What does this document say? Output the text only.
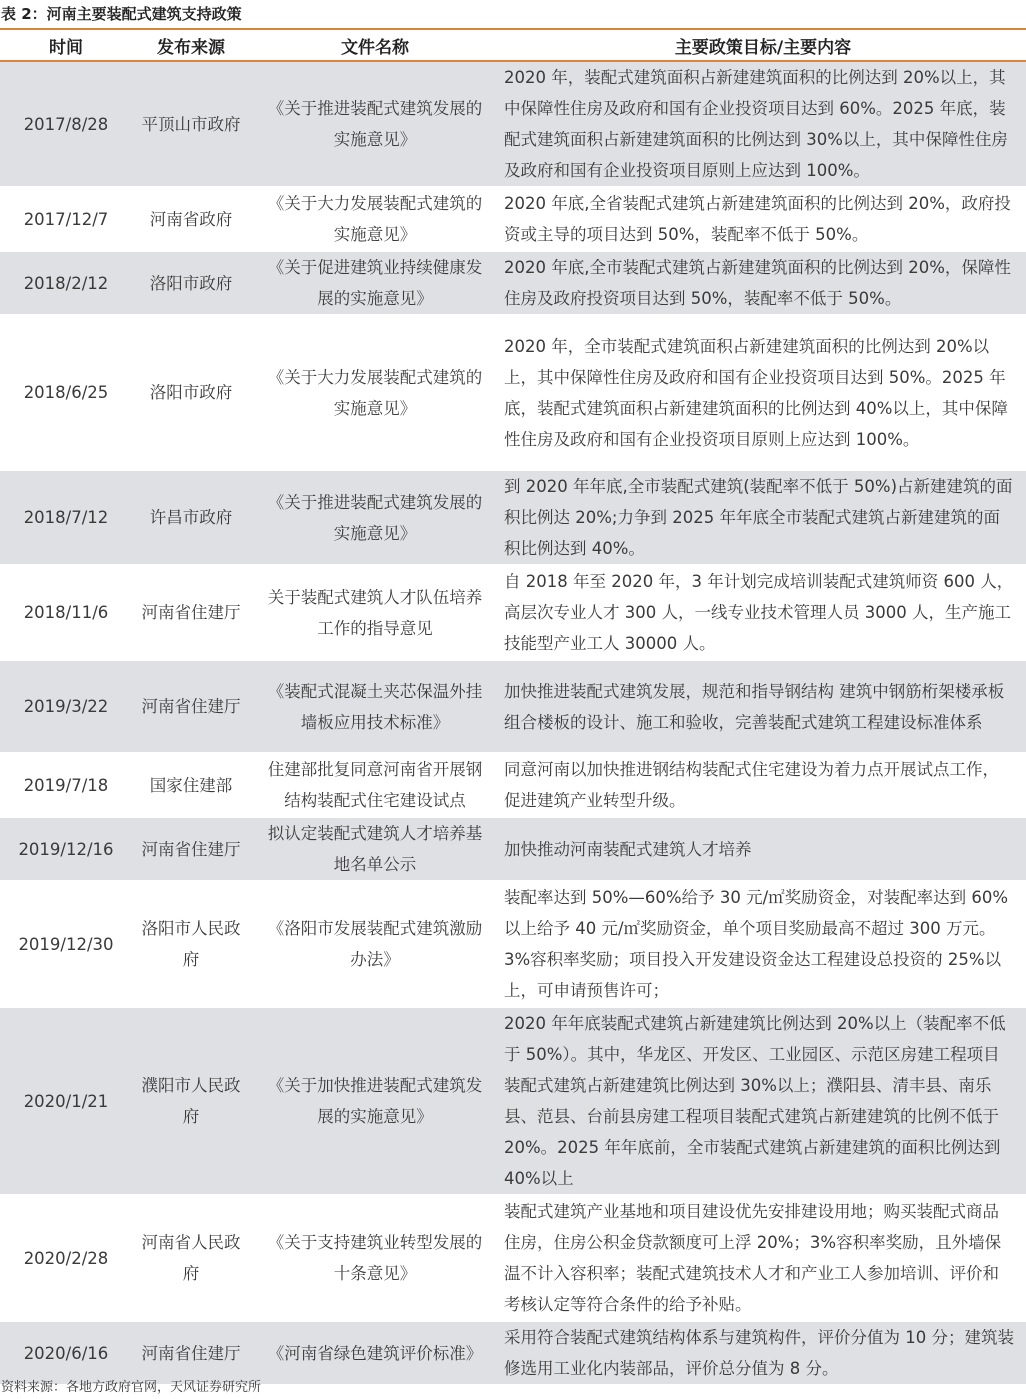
表 2：河南主要装配式建筑支持政策
时间	发布来源	文件名称	主要政策目标/主要内容
2017/8/28	平顶山市政府	《关于推进装配式建筑发展的实施意见》	2020 年，装配式建筑面积占新建建筑面积的比例达到 20%以上，其中保障性住房及政府和国有企业投资项目达到 60%。2025 年底，装配式建筑面积占新建建筑面积的比例达到 30%以上，其中保障性住房及政府和国有企业投资项目原则上应达到 100%。
2017/12/7	河南省政府	《关于大力发展装配式建筑的实施意见》	2020 年底,全省装配式建筑占新建建筑面积的比例达到 20%，政府投资或主导的项目达到 50%，装配率不低于 50%。
2018/2/12	洛阳市政府	《关于促进建筑业持续健康发展的实施意见》	2020 年底,全市装配式建筑占新建建筑面积的比例达到 20%，保障性住房及政府投资项目达到 50%，装配率不低于 50%。
2018/6/25	洛阳市政府	《关于大力发展装配式建筑的实施意见》	2020 年，全市装配式建筑面积占新建建筑面积的比例达到 20%以上，其中保障性住房及政府和国有企业投资项目达到 50%。2025 年底，装配式建筑面积占新建建筑面积的比例达到 40%以上，其中保障性住房及政府和国有企业投资项目原则上应达到 100%。
2018/7/12	许昌市政府	《关于推进装配式建筑发展的实施意见》	到 2020 年年底,全市装配式建筑(装配率不低于 50%)占新建建筑的面积比例达 20%;力争到 2025 年年底全市装配式建筑占新建建筑的面积比例达到 40%。
2018/11/6	河南省住建厅	关于装配式建筑人才队伍培养工作的指导意见	自 2018 年至 2020 年，3 年计划完成培训装配式建筑师资 600 人，高层次专业人才 300 人，一线专业技术管理人员 3000 人，生产施工技能型产业工人 30000 人。
2019/3/22	河南省住建厅	《装配式混凝土夹芯保温外挂墙板应用技术标准》	加快推进装配式建筑发展，规范和指导钢结构 建筑中钢筋桁架楼承板组合楼板的设计、施工和验收，完善装配式建筑工程建设标准体系
2019/7/18	国家住建部	住建部批复同意河南省开展钢结构装配式住宅建设试点	同意河南以加快推进钢结构装配式住宅建设为着力点开展试点工作，促进建筑产业转型升级。
2019/12/16	河南省住建厅	拟认定装配式建筑人才培养基地名单公示	加快推动河南装配式建筑人才培养
2019/12/30	洛阳市人民政府	《洛阳市发展装配式建筑激励办法》	装配率达到 50%—60%给予 30 元/㎡奖励资金，对装配率达到 60%以上给予 40 元/㎡奖励资金，单个项目奖励最高不超过 300 万元。3%容积率奖励；项目投入开发建设资金达工程建设总投资的 25%以上，可申请预售许可；
2020/1/21	濮阳市人民政府	《关于加快推进装配式建筑发展的实施意见》	2020 年年底装配式建筑占新建建筑比例达到 20%以上（装配率不低于 50%）。其中，华龙区、开发区、工业园区、示范区房建工程项目装配式建筑占新建建筑比例达到 30%以上；濮阳县、清丰县、南乐县、范县、台前县房建工程项目装配式建筑占新建建筑的比例不低于 20%。2025 年年底前，全市装配式建筑占新建建筑的面积比例达到 40%以上
2020/2/28	河南省人民政府	《关于支持建筑业转型发展的十条意见》	装配式建筑产业基地和项目建设优先安排建设用地；购买装配式商品住房，住房公积金贷款额度可上浮 20%；3%容积率奖励，且外墙保温不计入容积率；装配式建筑技术人才和产业工人参加培训、评价和考核认定等符合条件的给予补贴。
2020/6/16	河南省住建厅	《河南省绿色建筑评价标准》	采用符合装配式建筑结构体系与建筑构件，评价分值为 10 分；建筑装修选用工业化内装部品，评价总分值为 8 分。
资料来源：各地方政府官网，天风证券研究所
